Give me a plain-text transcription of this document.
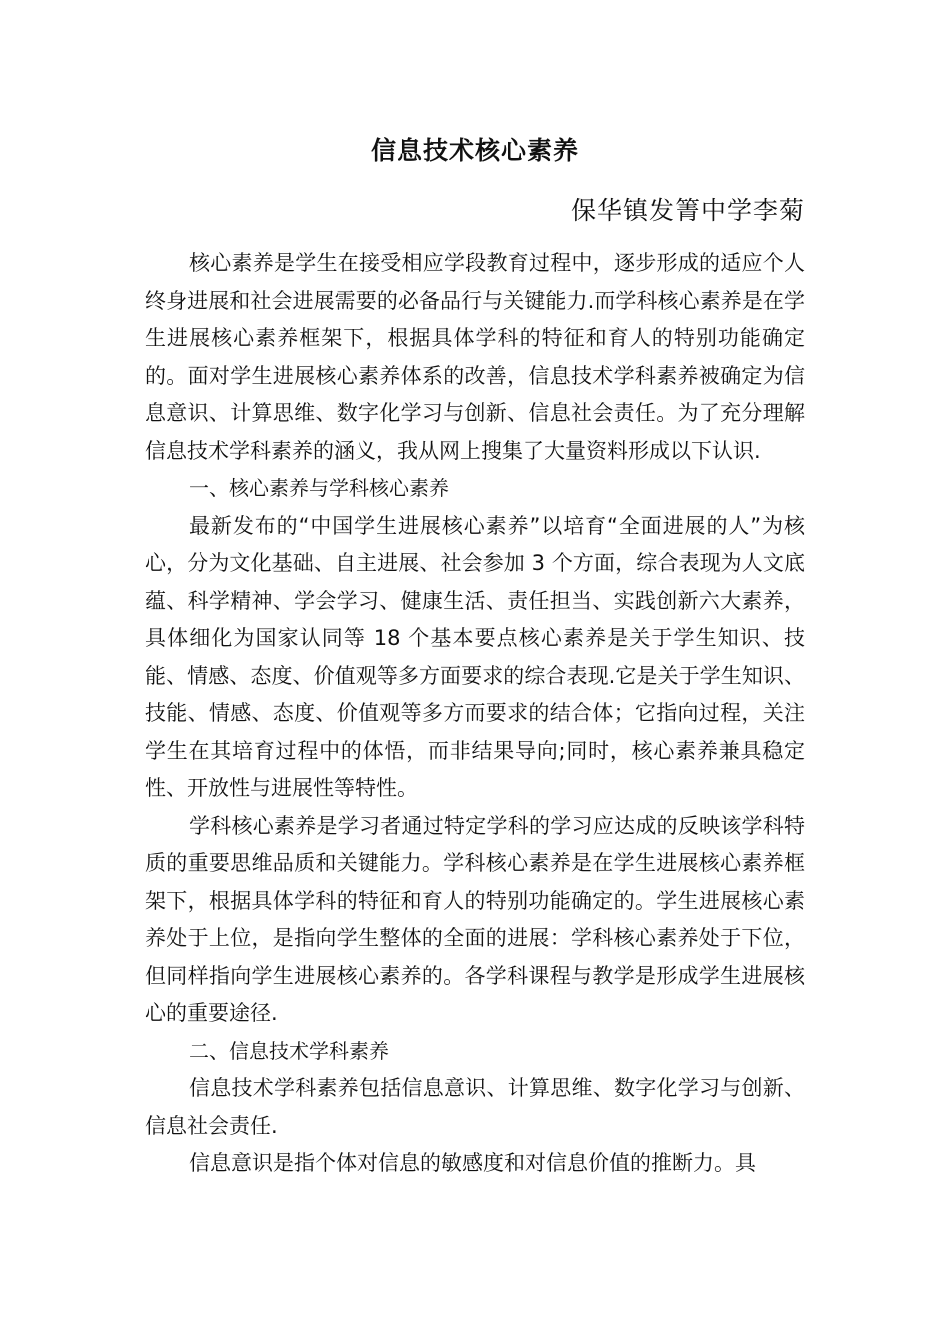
信息技术核心素养
保华镇发箐中学李菊

核心素养是学生在接受相应学段教育过程中，逐步形成的适应个人终身进展和社会进展需要的必备品行与关键能力.而学科核心素养是在学生进展核心素养框架下，根据具体学科的特征和育人的特别功能确定的。面对学生进展核心素养体系的改善，信息技术学科素养被确定为信息意识、计算思维、数字化学习与创新、信息社会责任。为了充分理解信息技术学科素养的涵义，我从网上搜集了大量资料形成以下认识.

一、核心素养与学科核心素养

最新发布的“中国学生进展核心素养”以培育“全面进展的人”为核心，分为文化基础、自主进展、社会参加 3 个方面，综合表现为人文底蕴、科学精神、学会学习、健康生活、责任担当、实践创新六大素养，具体细化为国家认同等 18 个基本要点核心素养是关于学生知识、技能、情感、态度、价值观等多方面要求的综合表现.它是关于学生知识、技能、情感、态度、价值观等多方而要求的结合体；它指向过程，关注学生在其培育过程中的体悟，而非结果导向;同时，核心素养兼具稳定性、开放性与进展性等特性。

学科核心素养是学习者通过特定学科的学习应达成的反映该学科特质的重要思维品质和关键能力。学科核心素养是在学生进展核心素养框架下，根据具体学科的特征和育人的特别功能确定的。学生进展核心素养处于上位，是指向学生整体的全面的进展：学科核心素养处于下位，但同样指向学生进展核心素养的。各学科课程与教学是形成学生进展核心的重要途径.

二、信息技术学科素养

信息技术学科素养包括信息意识、计算思维、数字化学习与创新、信息社会责任.

信息意识是指个体对信息的敏感度和对信息价值的推断力。具
